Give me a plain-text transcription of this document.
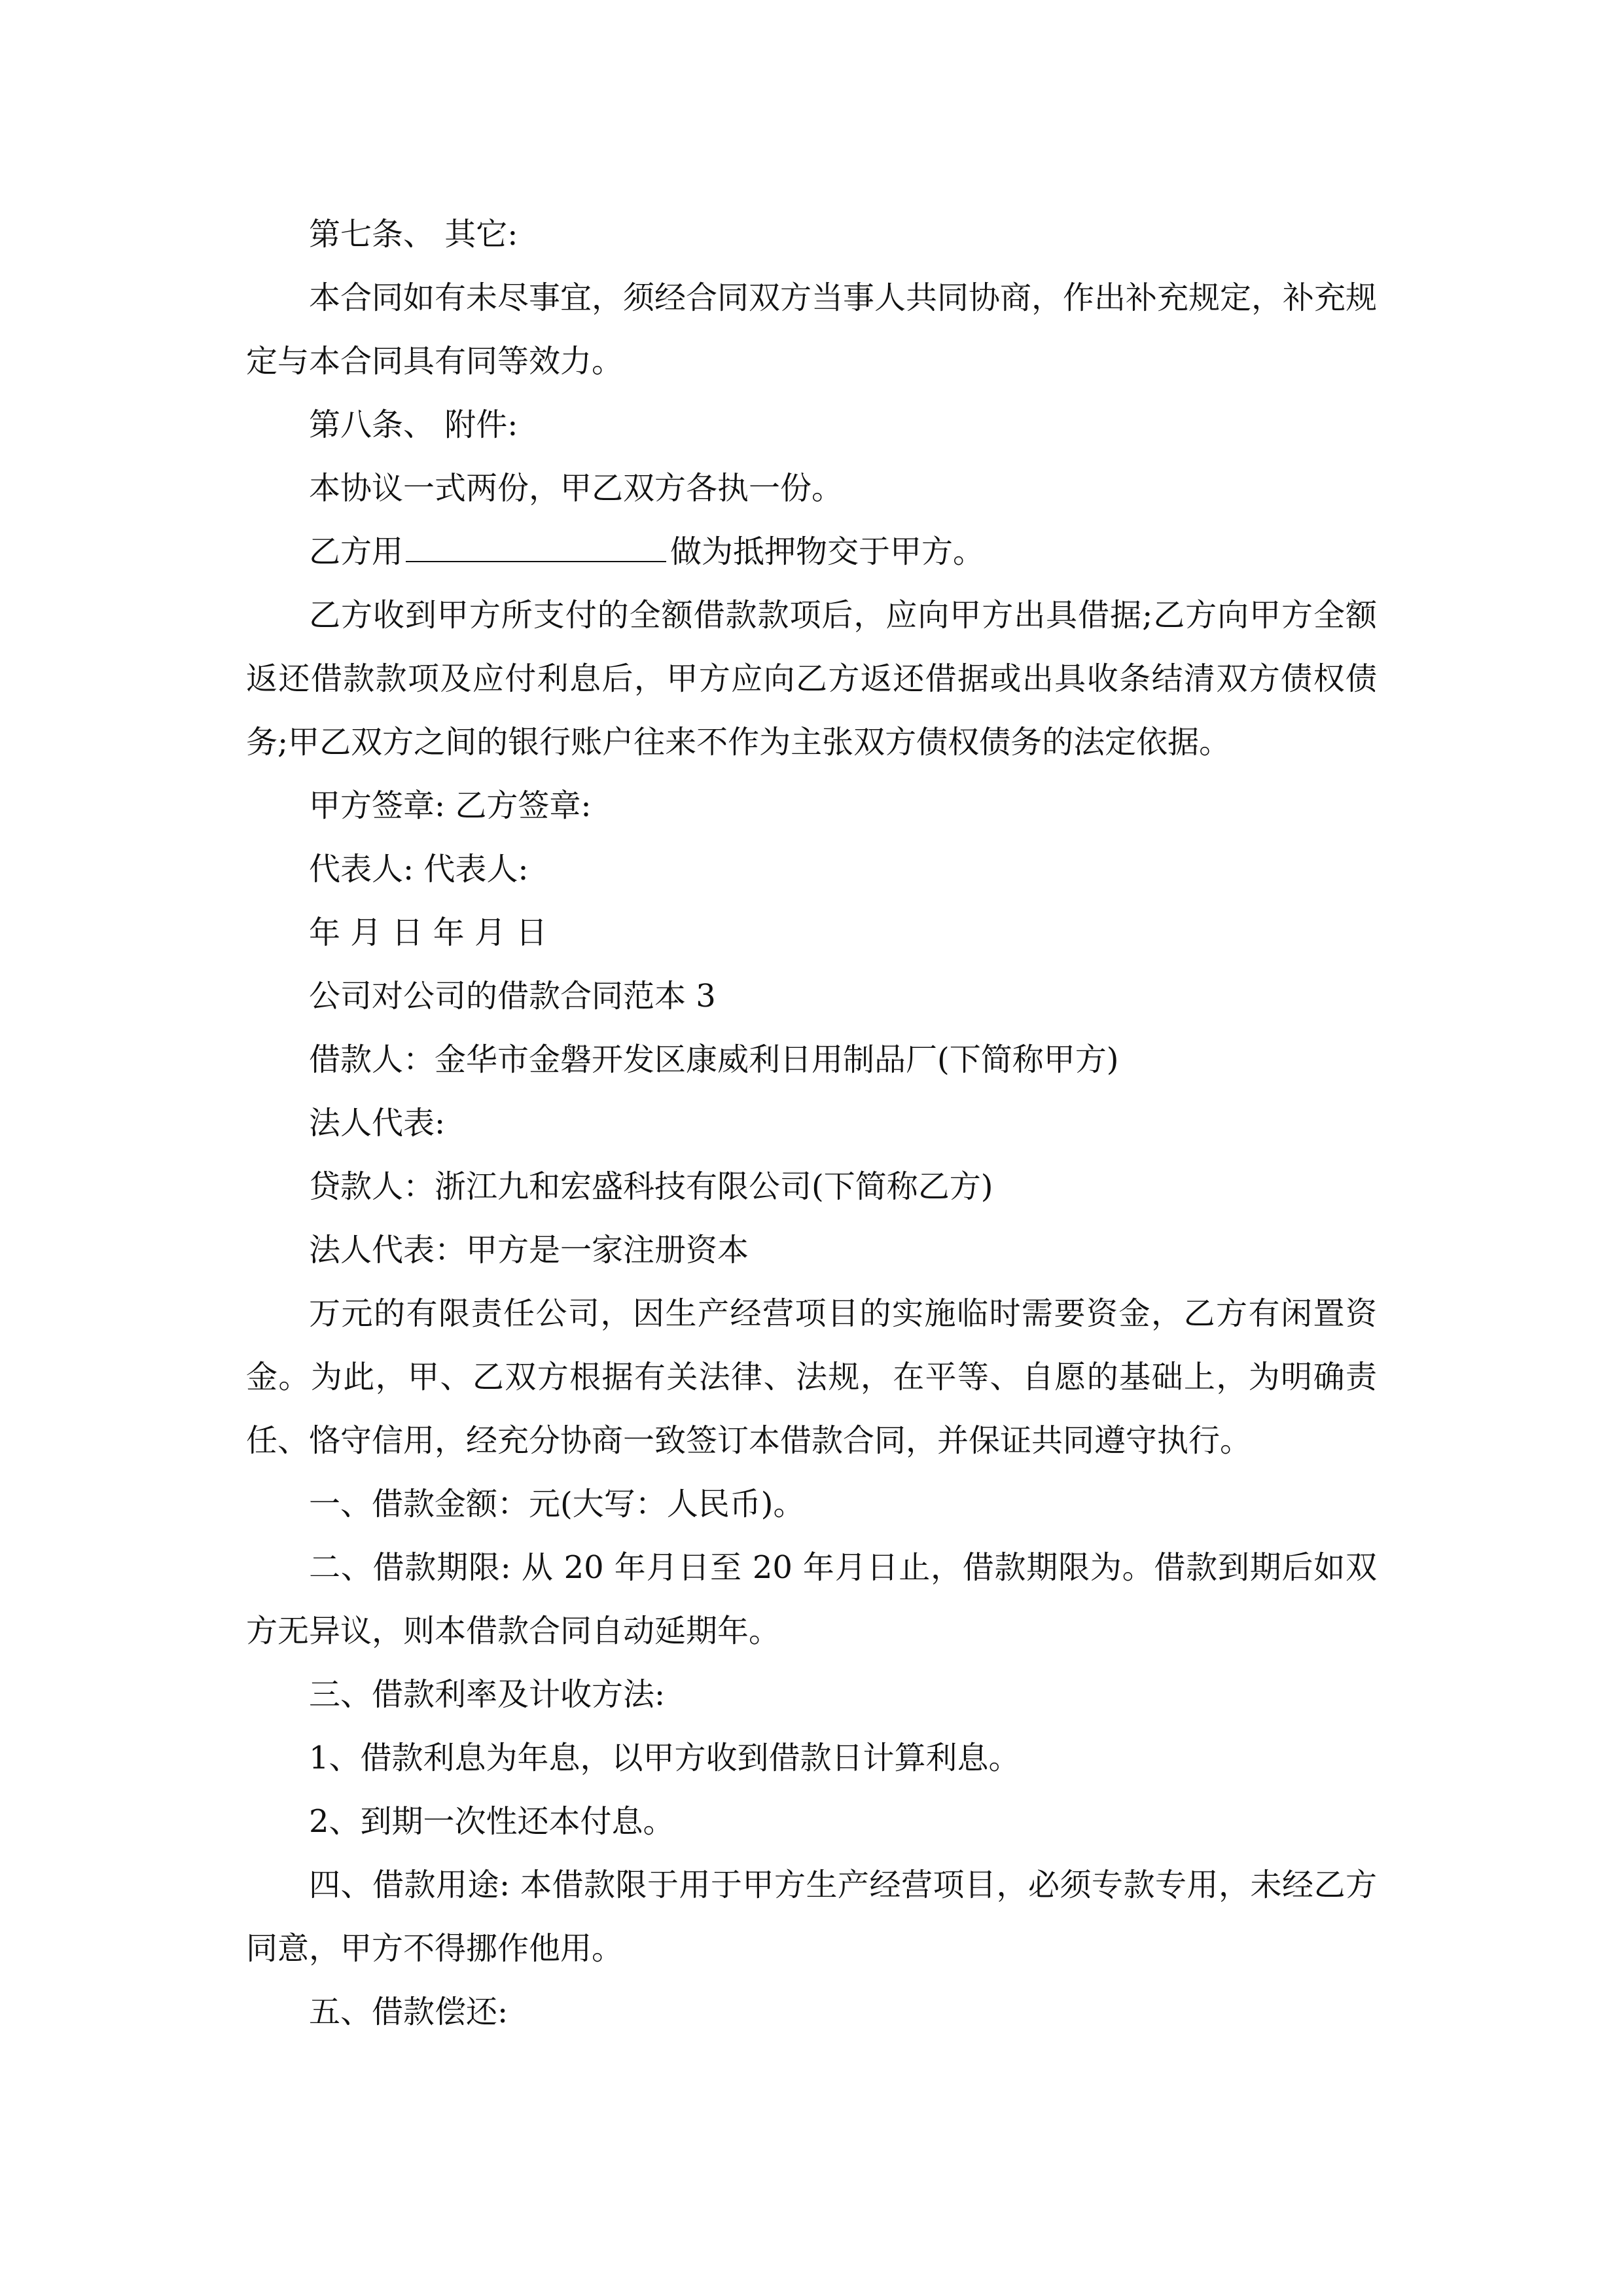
第七条、 其它:

本合同如有未尽事宜，须经合同双方当事人共同协商，作出补充规定，补充规定与本合同具有同等效力。

第八条、 附件:

本协议一式两份，甲乙双方各执一份。

乙方用	做为抵押物交于甲方。

乙方收到甲方所支付的全额借款款项后，应向甲方出具借据;乙方向甲方全额返还借款款项及应付利息后，甲方应向乙方返还借据或出具收条结清双方债权债务;甲乙双方之间的银行账户往来不作为主张双方债权债务的法定依据。

甲方签章: 乙方签章:

代表人: 代表人:

年 月 日 年 月 日

公司对公司的借款合同范本 3

借款人：金华市金磐开发区康威利日用制品厂(下简称甲方)

法人代表:

贷款人：浙江九和宏盛科技有限公司(下简称乙方)

法人代表：甲方是一家注册资本

万元的有限责任公司，因生产经营项目的实施临时需要资金，乙方有闲置资金。为此，甲、乙双方根据有关法律、法规，在平等、自愿的基础上，为明确责任、恪守信用，经充分协商一致签订本借款合同，并保证共同遵守执行。

一、借款金额：元(大写：人民币)。

二、借款期限: 从 20 年月日至 20 年月日止，借款期限为。借款到期后如双方无异议，则本借款合同自动延期年。

三、借款利率及计收方法:

1、借款利息为年息，以甲方收到借款日计算利息。

2、到期一次性还本付息。

四、借款用途: 本借款限于用于甲方生产经营项目，必须专款专用，未经乙方同意，甲方不得挪作他用。

五、借款偿还:
